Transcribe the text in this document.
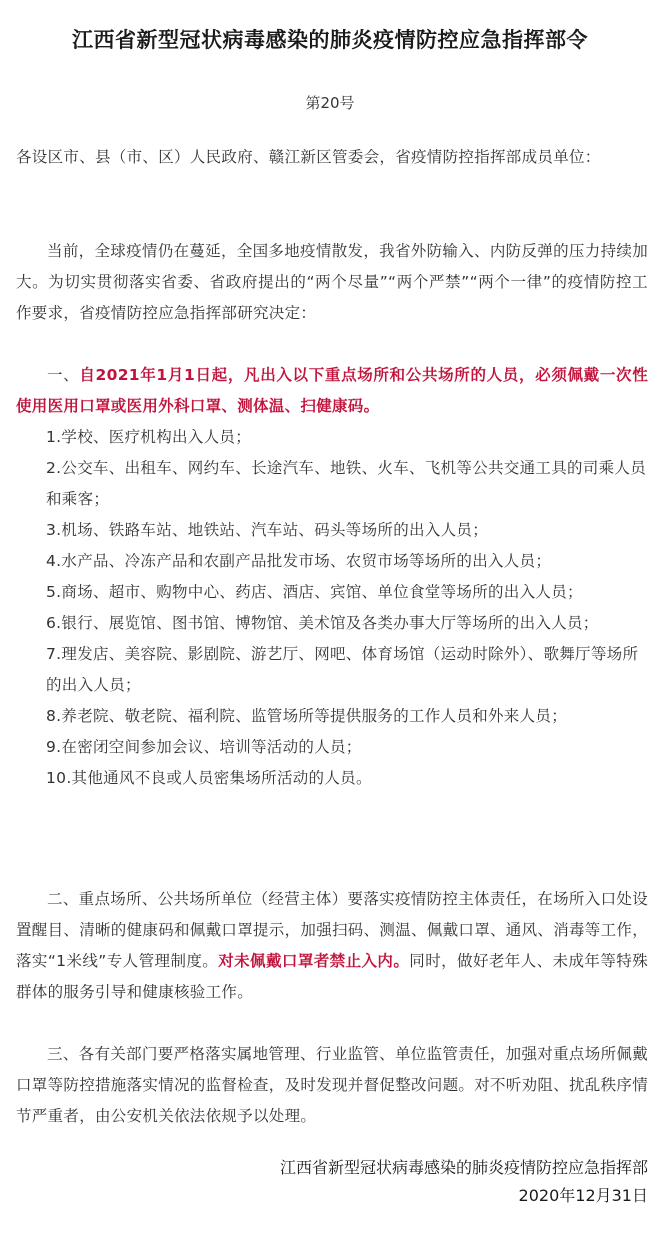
江西省新型冠状病毒感染的肺炎疫情防控应急指挥部令
第20号
各设区市、县（市、区）人民政府、赣江新区管委会，省疫情防控指挥部成员单位：
当前，全球疫情仍在蔓延，全国多地疫情散发，我省外防输入、内防反弹的压力持续加大。为切实贯彻落实省委、省政府提出的“两个尽量”“两个严禁”“两个一律”的疫情防控工作要求，省疫情防控应急指挥部研究决定：
一、自2021年1月1日起，凡出入以下重点场所和公共场所的人员，必须佩戴一次性使用医用口罩或医用外科口罩、测体温、扫健康码。
1.学校、医疗机构出入人员；
2.公交车、出租车、网约车、长途汽车、地铁、火车、飞机等公共交通工具的司乘人员和乘客；
3.机场、铁路车站、地铁站、汽车站、码头等场所的出入人员；
4.水产品、冷冻产品和农副产品批发市场、农贸市场等场所的出入人员；
5.商场、超市、购物中心、药店、酒店、宾馆、单位食堂等场所的出入人员；
6.银行、展览馆、图书馆、博物馆、美术馆及各类办事大厅等场所的出入人员；
7.理发店、美容院、影剧院、游艺厅、网吧、体育场馆（运动时除外）、歌舞厅等场所的出入人员；
8.养老院、敬老院、福利院、监管场所等提供服务的工作人员和外来人员；
9.在密闭空间参加会议、培训等活动的人员；
10.其他通风不良或人员密集场所活动的人员。
二、重点场所、公共场所单位（经营主体）要落实疫情防控主体责任，在场所入口处设置醒目、清晰的健康码和佩戴口罩提示，加强扫码、测温、佩戴口罩、通风、消毒等工作，落实“1米线”专人管理制度。对未佩戴口罩者禁止入内。同时，做好老年人、未成年等特殊群体的服务引导和健康核验工作。
三、各有关部门要严格落实属地管理、行业监管、单位监管责任，加强对重点场所佩戴口罩等防控措施落实情况的监督检查，及时发现并督促整改问题。对不听劝阻、扰乱秩序情节严重者，由公安机关依法依规予以处理。
江西省新型冠状病毒感染的肺炎疫情防控应急指挥部
2020年12月31日
